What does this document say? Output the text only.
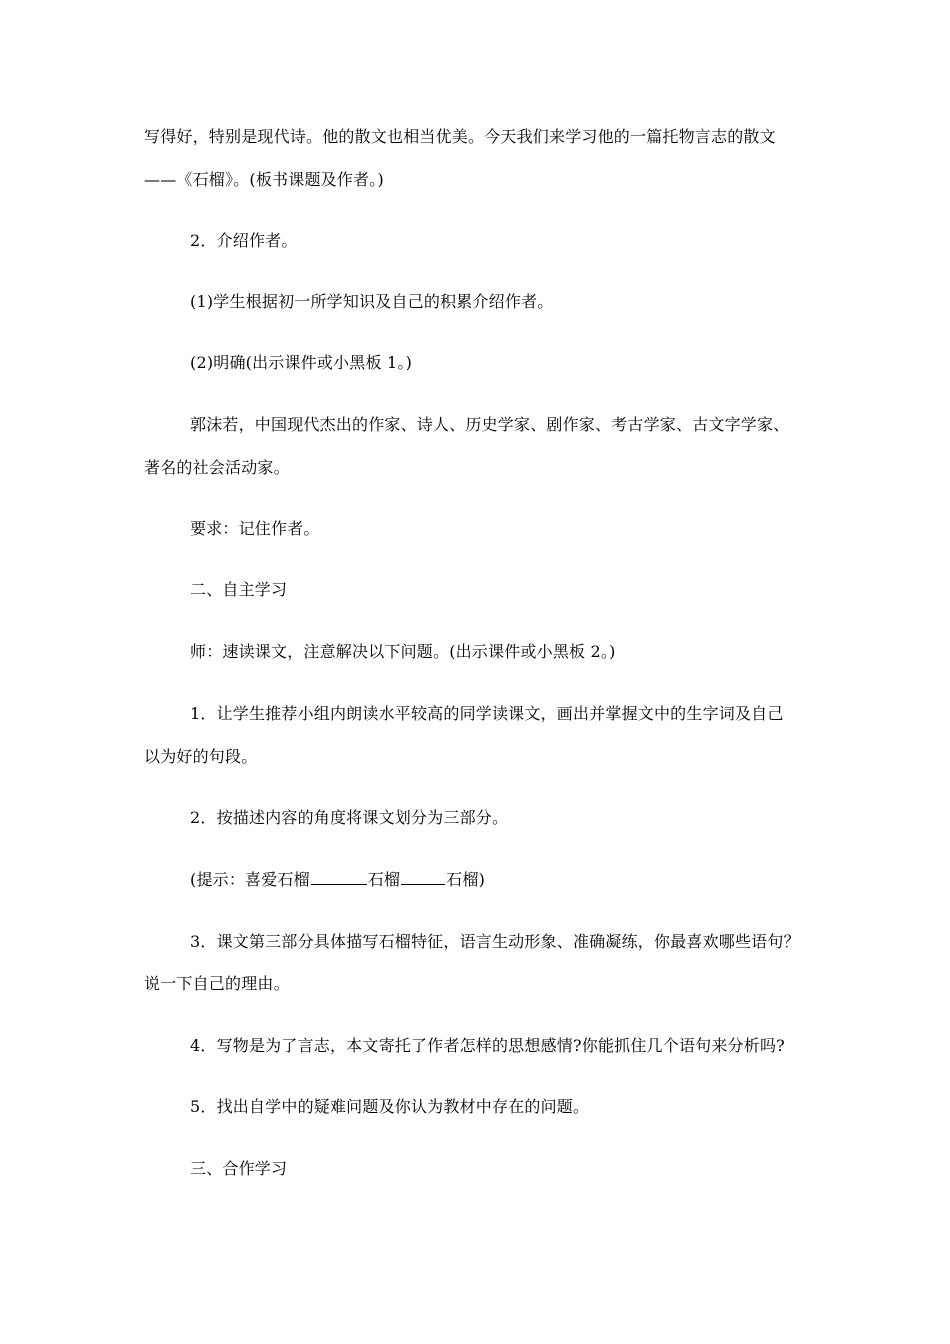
写得好，特别是现代诗。他的散文也相当优美。今天我们来学习他的一篇托物言志的散文
——《石榴》。(板书课题及作者。)
2．介绍作者。
(1)学生根据初一所学知识及自己的积累介绍作者。
(2)明确(出示课件或小黑板 1。)
郭沫若，中国现代杰出的作家、诗人、历史学家、剧作家、考古学家、古文字学家、
著名的社会活动家。
要求：记住作者。
二、自主学习
师：速读课文，注意解决以下问题。(出示课件或小黑板 2。)
1．让学生推荐小组内朗读水平较高的同学读课文，画出并掌握文中的生字词及自己
以为好的句段。
2．按描述内容的角度将课文划分为三部分。
(提示：喜爱石榴	石榴	石榴)
3．课文第三部分具体描写石榴特征，语言生动形象、准确凝练，你最喜欢哪些语句？
说一下自己的理由。
4．写物是为了言志，本文寄托了作者怎样的思想感情?你能抓住几个语句来分析吗?
5．找出自学中的疑难问题及你认为教材中存在的问题。
三、合作学习
